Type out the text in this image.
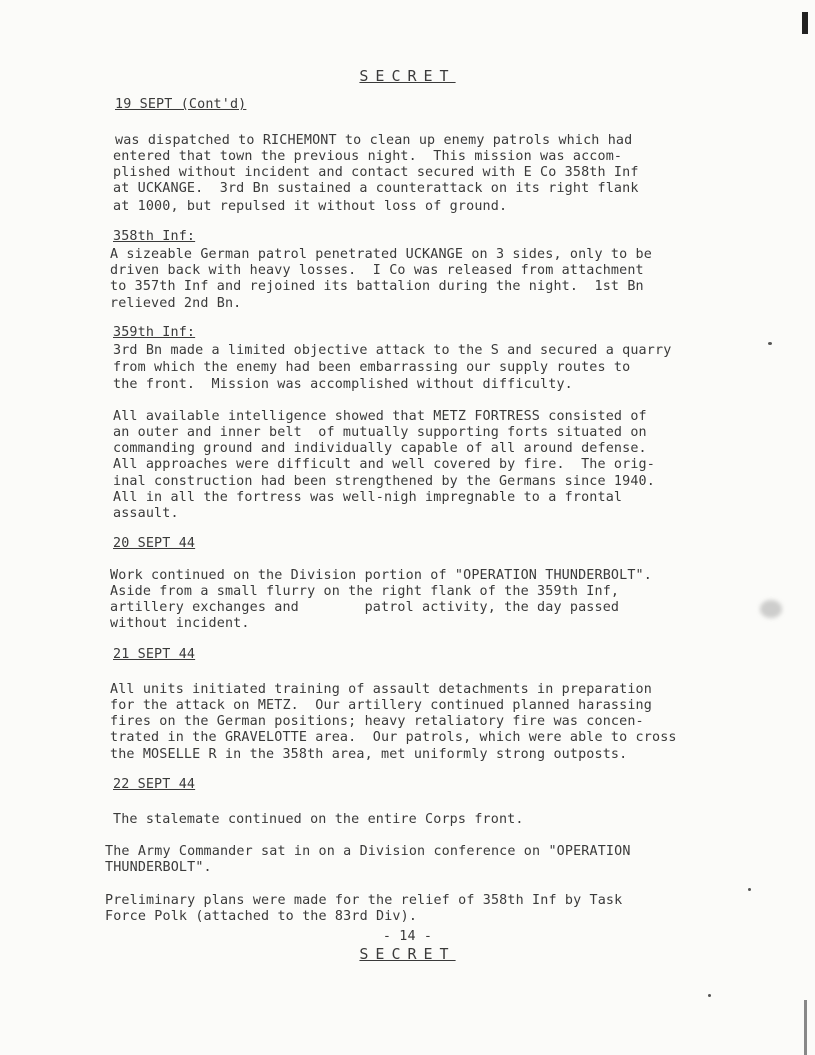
SECRET
19 SEPT (Cont'd)
was dispatched to RICHEMONT to clean up enemy patrols which had
entered that town the previous night.  This mission was accom-
plished without incident and contact secured with E Co 358th Inf
at UCKANGE.  3rd Bn sustained a counterattack on its right flank
at 1000, but repulsed it without loss of ground.
358th Inf:
A sizeable German patrol penetrated UCKANGE on 3 sides, only to be
driven back with heavy losses.  I Co was released from attachment
to 357th Inf and rejoined its battalion during the night.  1st Bn
relieved 2nd Bn.
359th Inf:
3rd Bn made a limited objective attack to the S and secured a quarry
from which the enemy had been embarrassing our supply routes to
the front.  Mission was accomplished without difficulty.
All available intelligence showed that METZ FORTRESS consisted of
an outer and inner belt  of mutually supporting forts situated on
commanding ground and individually capable of all around defense.
All approaches were difficult and well covered by fire.  The orig-
inal construction had been strengthened by the Germans since 1940.
All in all the fortress was well-nigh impregnable to a frontal
assault.
20 SEPT 44
Work continued on the Division portion of "OPERATION THUNDERBOLT".
Aside from a small flurry on the right flank of the 359th Inf,
artillery exchanges and        patrol activity, the day passed
without incident.
21 SEPT 44
All units initiated training of assault detachments in preparation
for the attack on METZ.  Our artillery continued planned harassing
fires on the German positions; heavy retaliatory fire was concen-
trated in the GRAVELOTTE area.  Our patrols, which were able to cross
the MOSELLE R in the 358th area, met uniformly strong outposts.
22 SEPT 44
The stalemate continued on the entire Corps front.
The Army Commander sat in on a Division conference on "OPERATION
THUNDERBOLT".
Preliminary plans were made for the relief of 358th Inf by Task
Force Polk (attached to the 83rd Div).
- 14 -
SECRET
